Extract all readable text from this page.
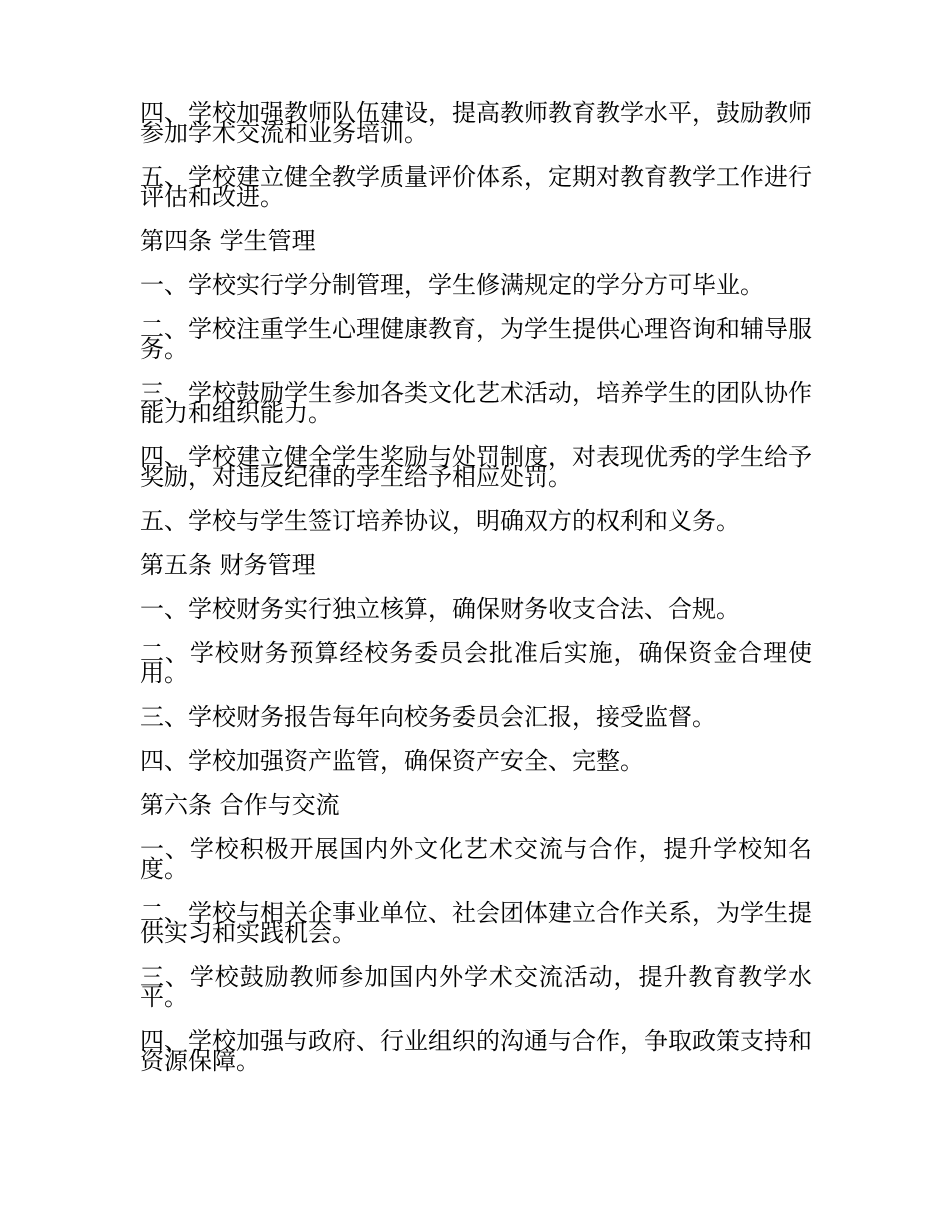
四、学校加强教师队伍建设，提高教师教育教学水平，鼓励教师参加学术交流和业务培训。

五、学校建立健全教学质量评价体系，定期对教育教学工作进行评估和改进。

第四条 学生管理

一、学校实行学分制管理，学生修满规定的学分方可毕业。

二、学校注重学生心理健康教育，为学生提供心理咨询和辅导服务。

三、学校鼓励学生参加各类文化艺术活动，培养学生的团队协作能力和组织能力。

四、学校建立健全学生奖励与处罚制度，对表现优秀的学生给予奖励，对违反纪律的学生给予相应处罚。

五、学校与学生签订培养协议，明确双方的权利和义务。

第五条 财务管理

一、学校财务实行独立核算，确保财务收支合法、合规。

二、学校财务预算经校务委员会批准后实施，确保资金合理使用。

三、学校财务报告每年向校务委员会汇报，接受监督。

四、学校加强资产监管，确保资产安全、完整。

第六条 合作与交流

一、学校积极开展国内外文化艺术交流与合作，提升学校知名度。

二、学校与相关企事业单位、社会团体建立合作关系，为学生提供实习和实践机会。

三、学校鼓励教师参加国内外学术交流活动，提升教育教学水平。

四、学校加强与政府、行业组织的沟通与合作，争取政策支持和资源保障。
